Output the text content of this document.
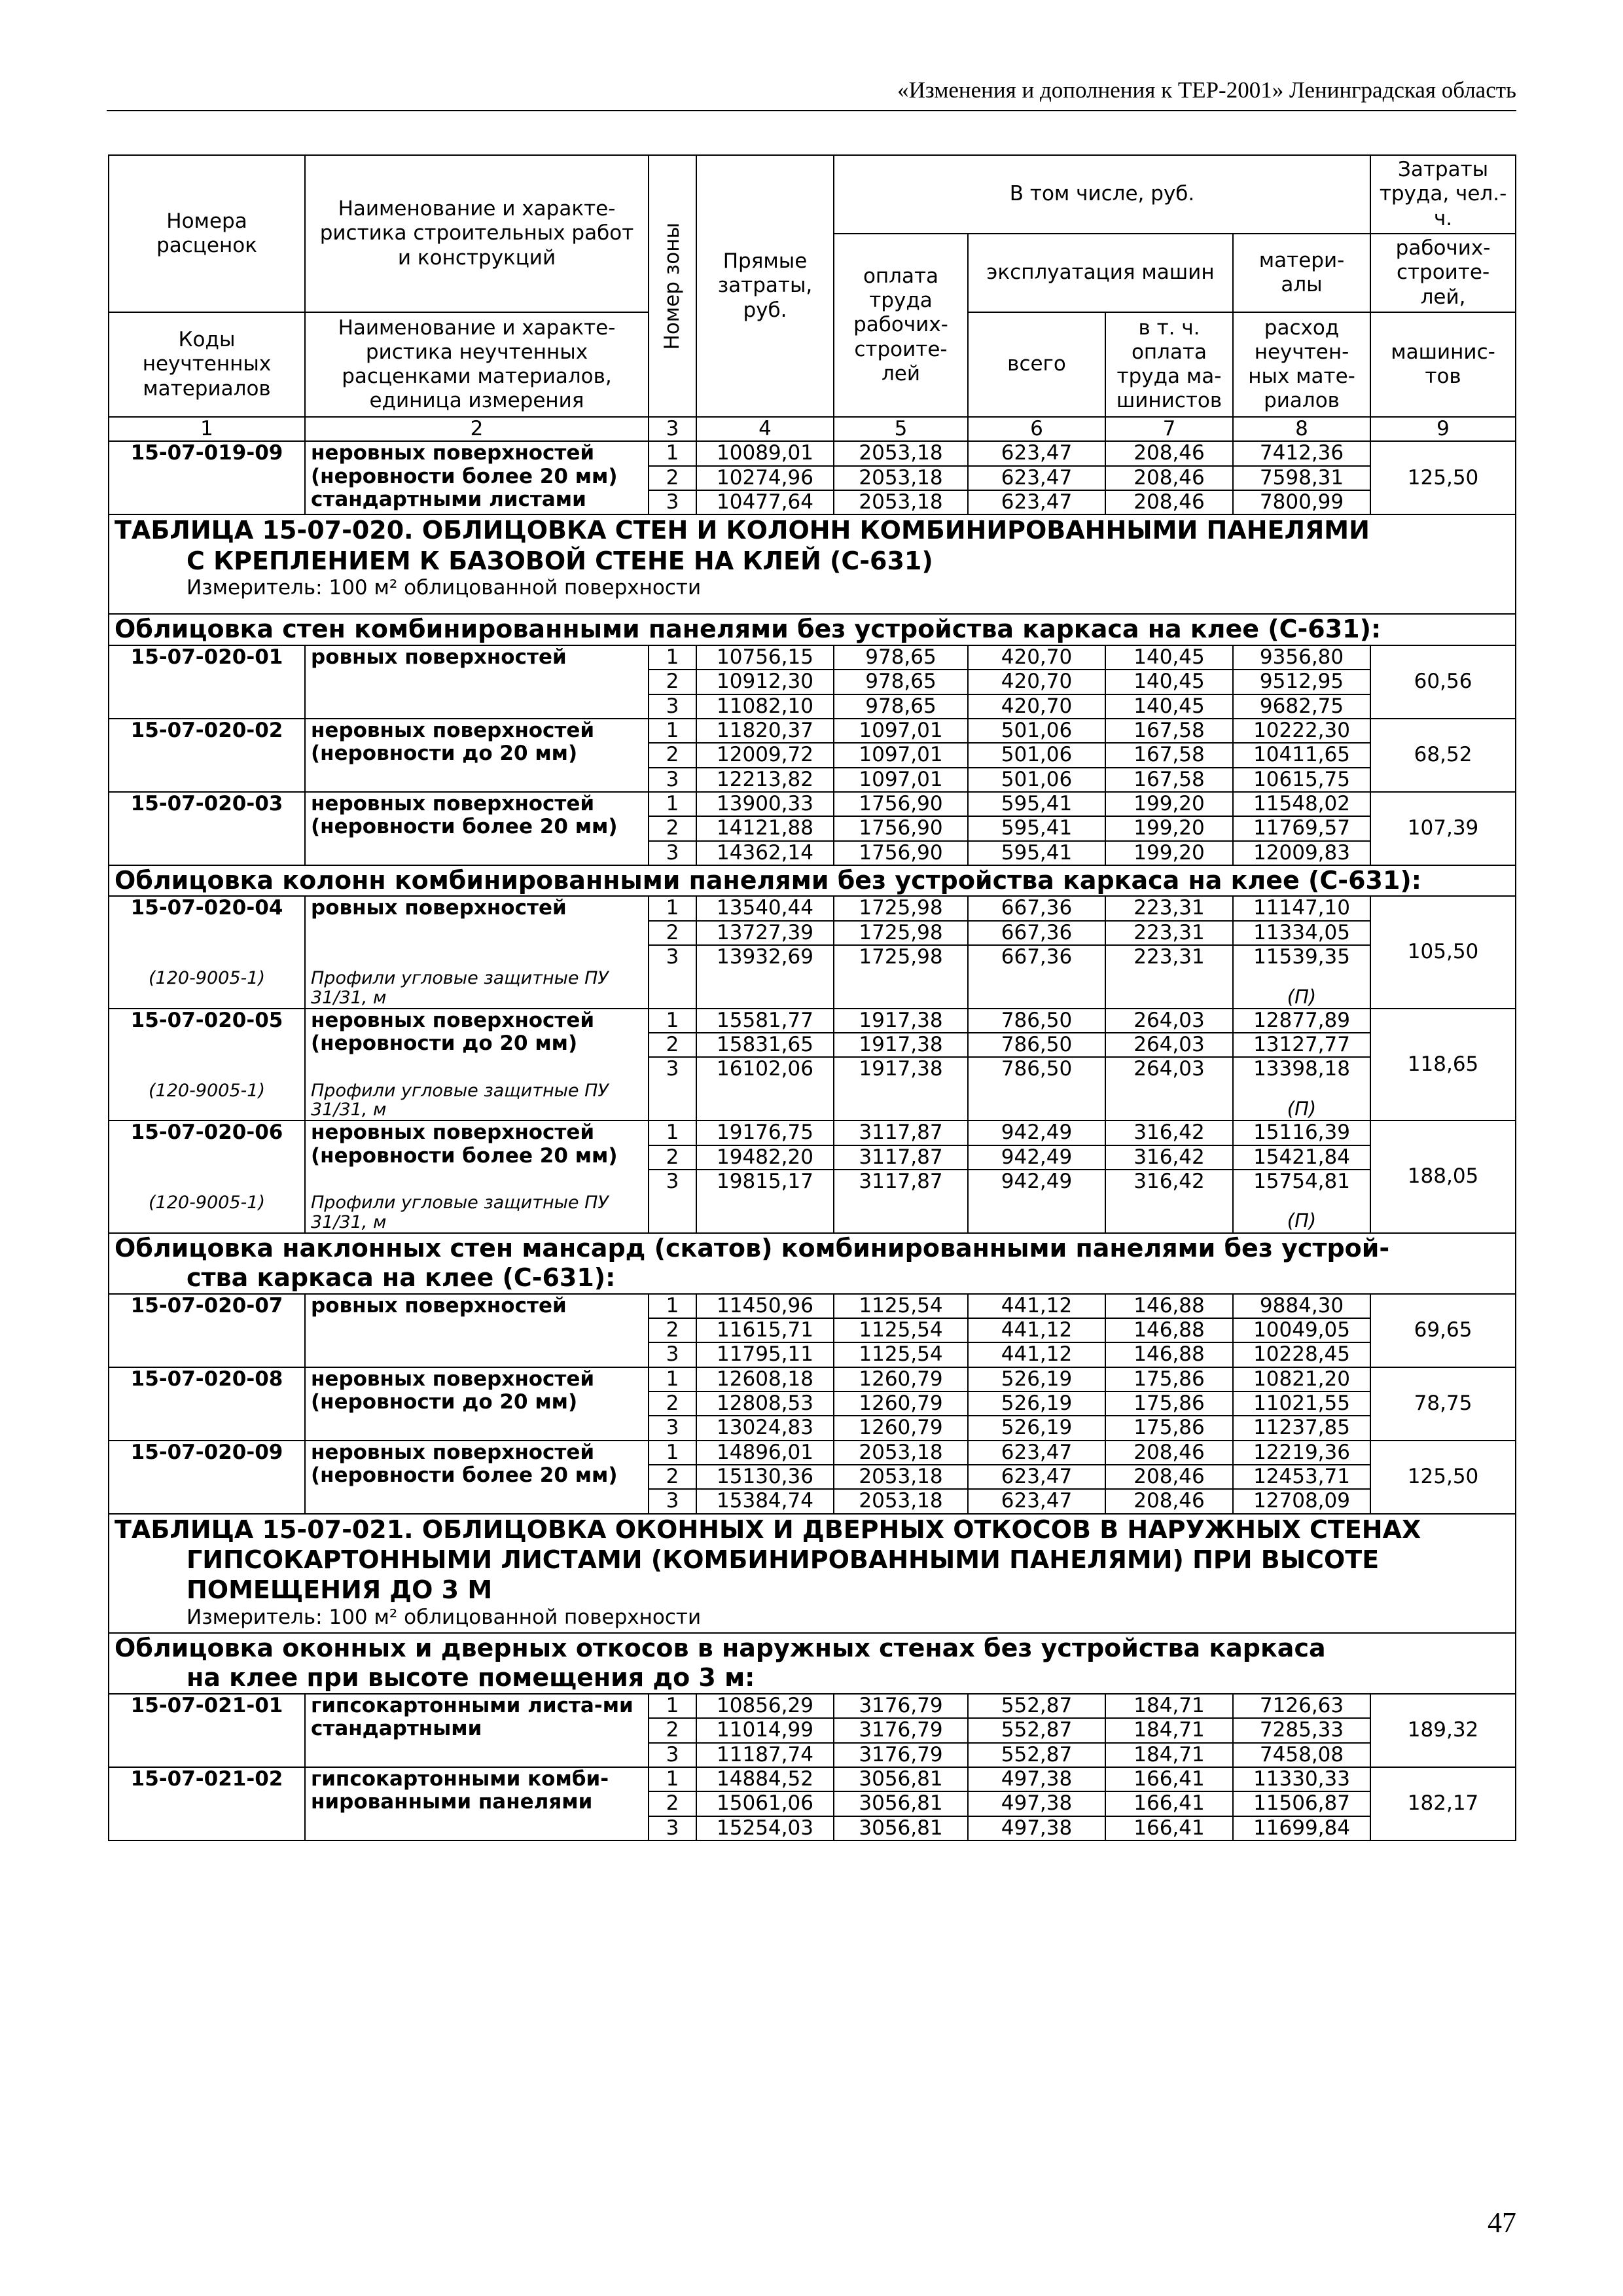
«Изменения и дополнения к ТЕР-2001» Ленинградская область
Номера расценок	Наименование и характе-ристика строительных работ и конструкций	Номер зоны	Прямые затраты, руб.	В том числе, руб.				Затраты труда, чел.-ч.
				оплата труда рабочих-строите-лей	эксплуатация машин		матери-алы	рабочих-строите-лей,
Коды неучтенных материалов	Наименование и характе-ристика неучтенных расценками материалов, единица измерения				всего	в т. ч. оплата труда ма-шинистов	расход неучтен-ных мате-риалов	машинис-тов
1	2	3	4	5	6	7	8	9
15-07-019-09	неровных поверхностей (неровности более 20 мм) стандартными листами	1	10089,01	2053,18	623,47	208,46	7412,36	125,50
		2	10274,96	2053,18	623,47	208,46	7598,31	
		3	10477,64	2053,18	623,47	208,46	7800,99	
ТАБЛИЦА 15-07-020. ОБЛИЦОВКА СТЕН И КОЛОНН КОМБИНИРОВАННЫМИ ПАНЕЛЯМИ
С КРЕПЛЕНИЕМ К БАЗОВОЙ СТЕНЕ НА КЛЕЙ (С-631)
Измеритель: 100 м² облицованной поверхности								

Облицовка стен комбинированными панелями без устройства каркаса на клее (С-631):								
15-07-020-01	ровных поверхностей	1	10756,15	978,65	420,70	140,45	9356,80	60,56
		2	10912,30	978,65	420,70	140,45	9512,95	
		3	11082,10	978,65	420,70	140,45	9682,75	
15-07-020-02	неровных поверхностей (неровности до 20 мм)	1	11820,37	1097,01	501,06	167,58	10222,30	68,52
		2	12009,72	1097,01	501,06	167,58	10411,65	
		3	12213,82	1097,01	501,06	167,58	10615,75	
15-07-020-03	неровных поверхностей (неровности более 20 мм)	1	13900,33	1756,90	595,41	199,20	11548,02	107,39
		2	14121,88	1756,90	595,41	199,20	11769,57	
		3	14362,14	1756,90	595,41	199,20	12009,83	
Облицовка колонн комбинированными панелями без устройства каркаса на клее (С-631):								
15-07-020-04	ровных поверхностей	1	13540,44	1725,98	667,36	223,31	11147,10	105,50
		2	13727,39	1725,98	667,36	223,31	11334,05	
		3	13932,69	1725,98	667,36	223,31	11539,35	
(120-9005-1)	Профили угловые защитные ПУ 31/31, м						(П)	
15-07-020-05	неровных поверхностей (неровности до 20 мм)	1	15581,77	1917,38	786,50	264,03	12877,89	118,65
		2	15831,65	1917,38	786,50	264,03	13127,77	
		3	16102,06	1917,38	786,50	264,03	13398,18	
(120-9005-1)	Профили угловые защитные ПУ 31/31, м						(П)	
15-07-020-06	неровных поверхностей (неровности более 20 мм)	1	19176,75	3117,87	942,49	316,42	15116,39	188,05
		2	19482,20	3117,87	942,49	316,42	15421,84	
		3	19815,17	3117,87	942,49	316,42	15754,81	
(120-9005-1)	Профили угловые защитные ПУ 31/31, м						(П)	
Облицовка наклонных стен мансард (скатов) комбинированными панелями без устрой-
ства каркаса на клее (С-631):								

15-07-020-07	ровных поверхностей	1	11450,96	1125,54	441,12	146,88	9884,30	69,65
		2	11615,71	1125,54	441,12	146,88	10049,05	
		3	11795,11	1125,54	441,12	146,88	10228,45	
15-07-020-08	неровных поверхностей (неровности до 20 мм)	1	12608,18	1260,79	526,19	175,86	10821,20	78,75
		2	12808,53	1260,79	526,19	175,86	11021,55	
		3	13024,83	1260,79	526,19	175,86	11237,85	
15-07-020-09	неровных поверхностей (неровности более 20 мм)	1	14896,01	2053,18	623,47	208,46	12219,36	125,50
		2	15130,36	2053,18	623,47	208,46	12453,71	
		3	15384,74	2053,18	623,47	208,46	12708,09	
ТАБЛИЦА 15-07-021. ОБЛИЦОВКА ОКОННЫХ И ДВЕРНЫХ ОТКОСОВ В НАРУЖНЫХ СТЕНАХ
ГИПСОКАРТОННЫМИ ЛИСТАМИ (КОМБИНИРОВАННЫМИ ПАНЕЛЯМИ) ПРИ ВЫСОТЕ
ПОМЕЩЕНИЯ ДО 3 М
Измеритель: 100 м² облицованной поверхности								

Облицовка оконных и дверных откосов в наружных стенах без устройства каркаса
на клее при высоте помещения до 3 м:								

15-07-021-01	гипсокартонными листа-ми стандартными	1	10856,29	3176,79	552,87	184,71	7126,63	189,32
		2	11014,99	3176,79	552,87	184,71	7285,33	
		3	11187,74	3176,79	552,87	184,71	7458,08	
15-07-021-02	гипсокартонными комби-нированными панелями	1	14884,52	3056,81	497,38	166,41	11330,33	182,17
		2	15061,06	3056,81	497,38	166,41	11506,87	
		3	15254,03	3056,81	497,38	166,41	11699,84	
47
